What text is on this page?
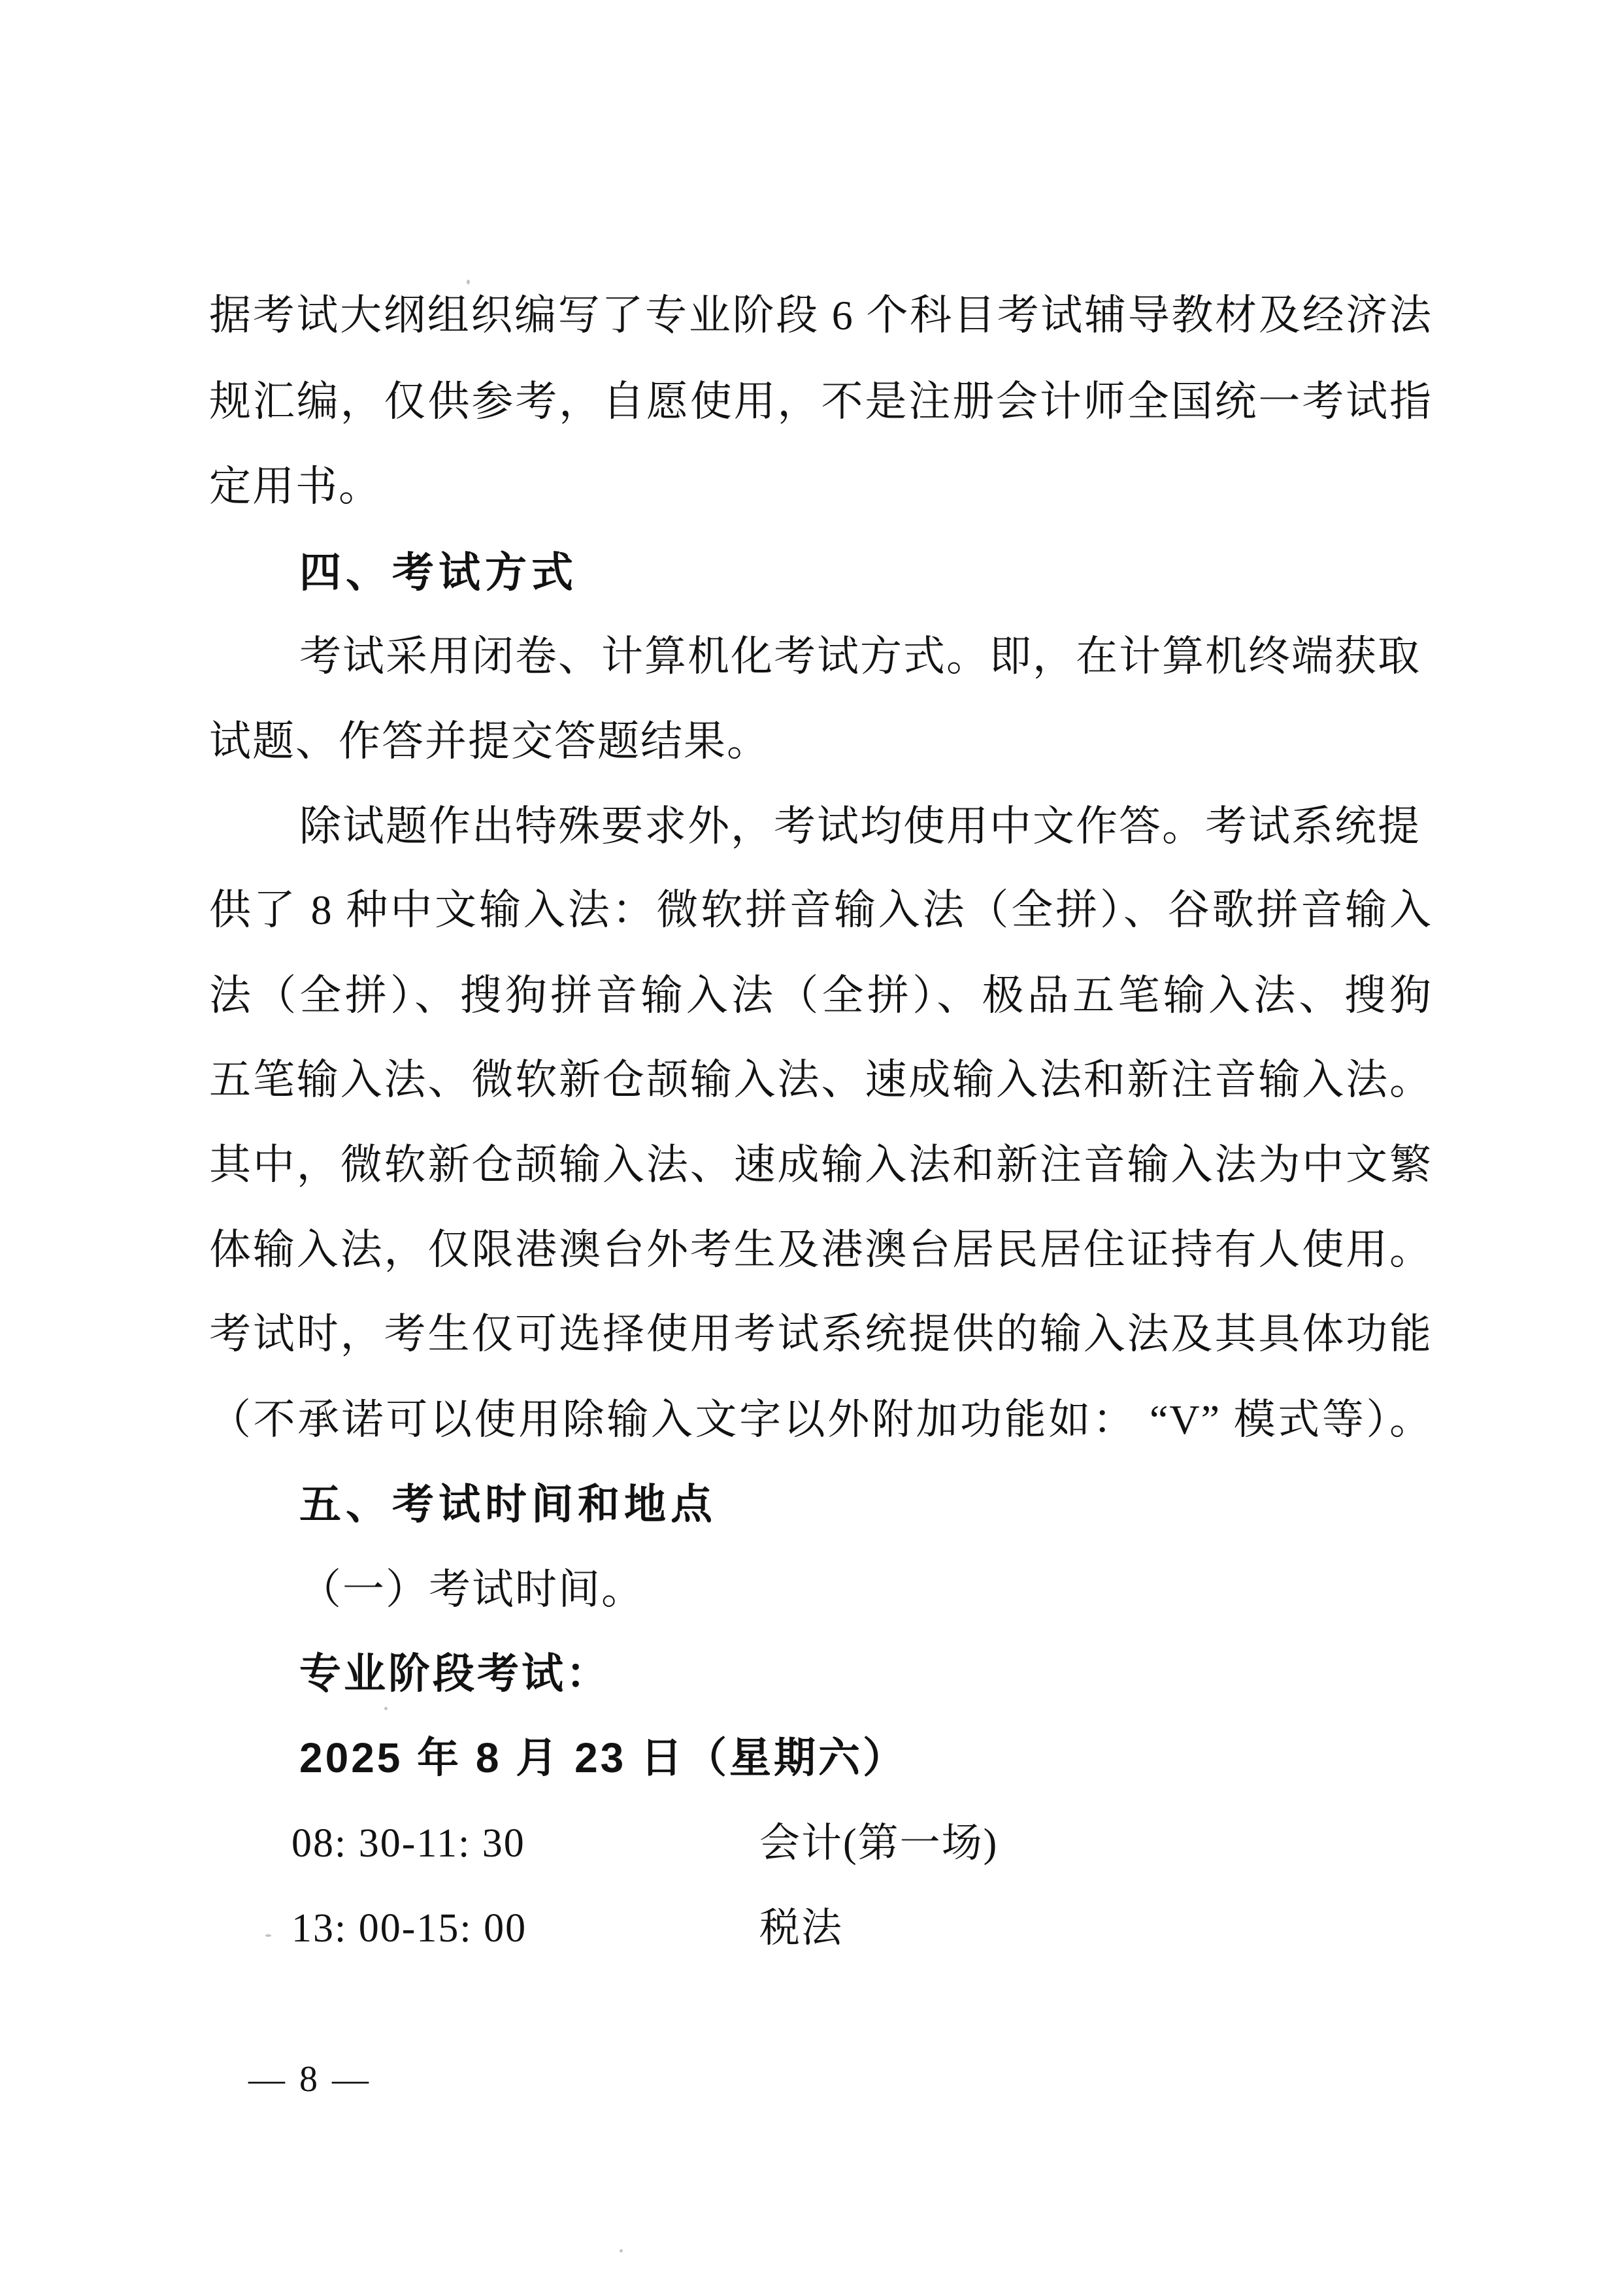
据考试大纲组织编写了专业阶段 6 个科目考试辅导教材及经济法
规汇编，仅供参考，自愿使用，不是注册会计师全国统一考试指
定用书。
四、考试方式
考试采用闭卷、计算机化考试方式。即，在计算机终端获取
试题、作答并提交答题结果。
除试题作出特殊要求外，考试均使用中文作答。考试系统提
供了 8 种中文输入法：微软拼音输入法（全拼）、谷歌拼音输入
法（全拼）、搜狗拼音输入法（全拼）、极品五笔输入法、搜狗
五笔输入法、微软新仓颉输入法、速成输入法和新注音输入法。
其中，微软新仓颉输入法、速成输入法和新注音输入法为中文繁
体输入法，仅限港澳台外考生及港澳台居民居住证持有人使用。
考试时，考生仅可选择使用考试系统提供的输入法及其具体功能
（不承诺可以使用除输入文字以外附加功能如： “V” 模式等）。
五、考试时间和地点
（一）考试时间。
专业阶段考试：
2025 年 8 月 23 日（星期六）
08: 30-11: 30	会计(第一场)
13: 00-15: 00	税法
— 8 —
